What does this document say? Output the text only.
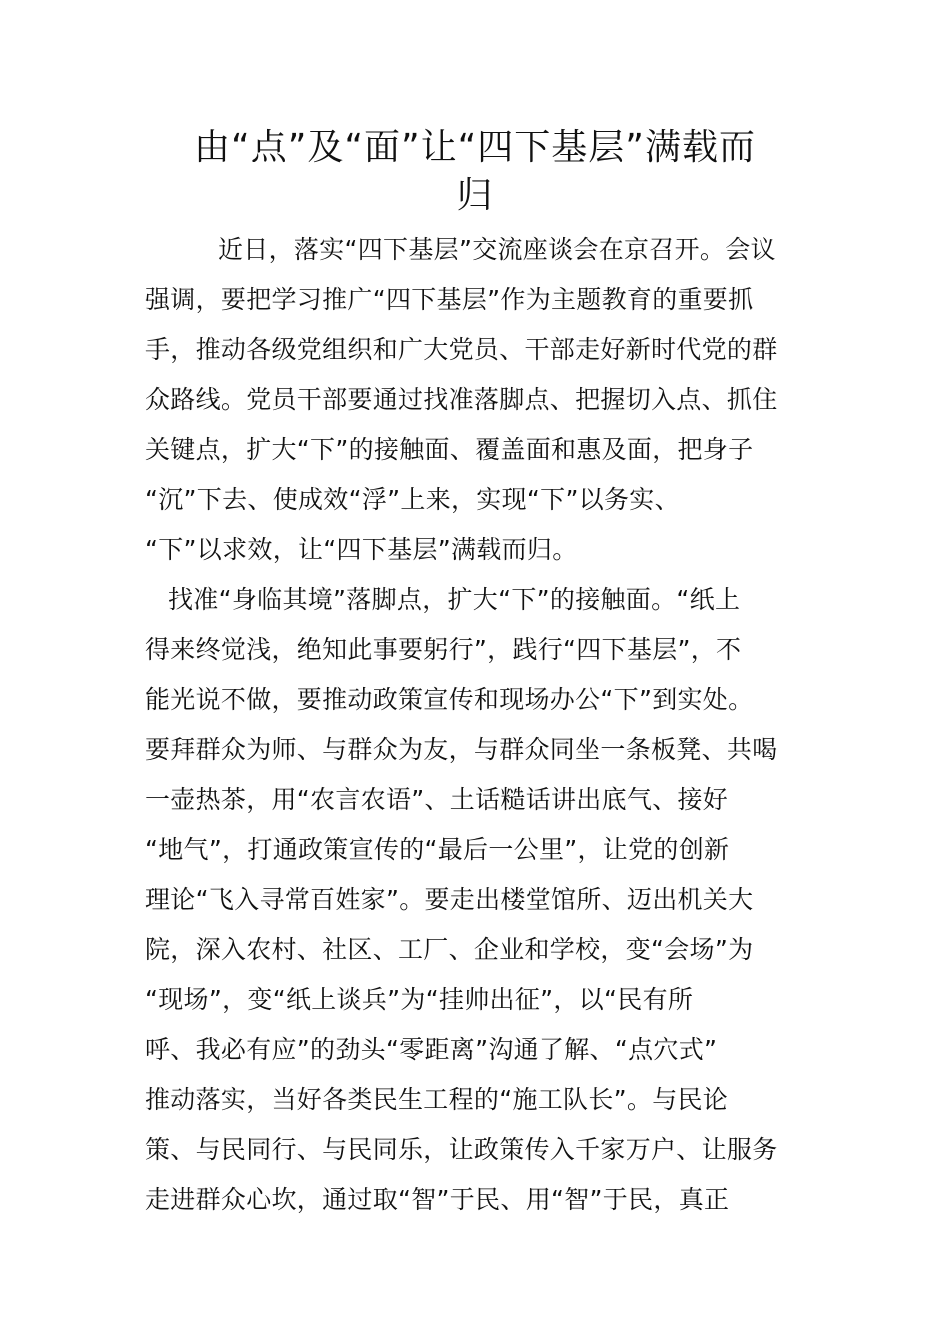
由“点”及“面”让“四下基层”满载而
归

近日，落实“四下基层”交流座谈会在京召开。会议

强调，要把学习推广“四下基层”作为主题教育的重要抓

手，推动各级党组织和广大党员、干部走好新时代党的群

众路线。党员干部要通过找准落脚点、把握切入点、抓住

关键点，扩大“下”的接触面、覆盖面和惠及面，把身子

“沉”下去、使成效“浮”上来，实现“下”以务实、

“下”以求效，让“四下基层”满载而归。

找准“身临其境”落脚点，扩大“下”的接触面。“纸上

得来终觉浅，绝知此事要躬行”，践行“四下基层”，不

能光说不做，要推动政策宣传和现场办公“下”到实处。

要拜群众为师、与群众为友，与群众同坐一条板凳、共喝

一壶热茶，用“农言农语”、土话糙话讲出底气、接好

“地气”，打通政策宣传的“最后一公里”，让党的创新

理论“飞入寻常百姓家”。要走出楼堂馆所、迈出机关大

院，深入农村、社区、工厂、企业和学校，变“会场”为

“现场”，变“纸上谈兵”为“挂帅出征”，以“民有所

呼、我必有应”的劲头“零距离”沟通了解、“点穴式”

推动落实，当好各类民生工程的“施工队长”。与民论

策、与民同行、与民同乐，让政策传入千家万户、让服务

走进群众心坎，通过取“智”于民、用“智”于民，真正
